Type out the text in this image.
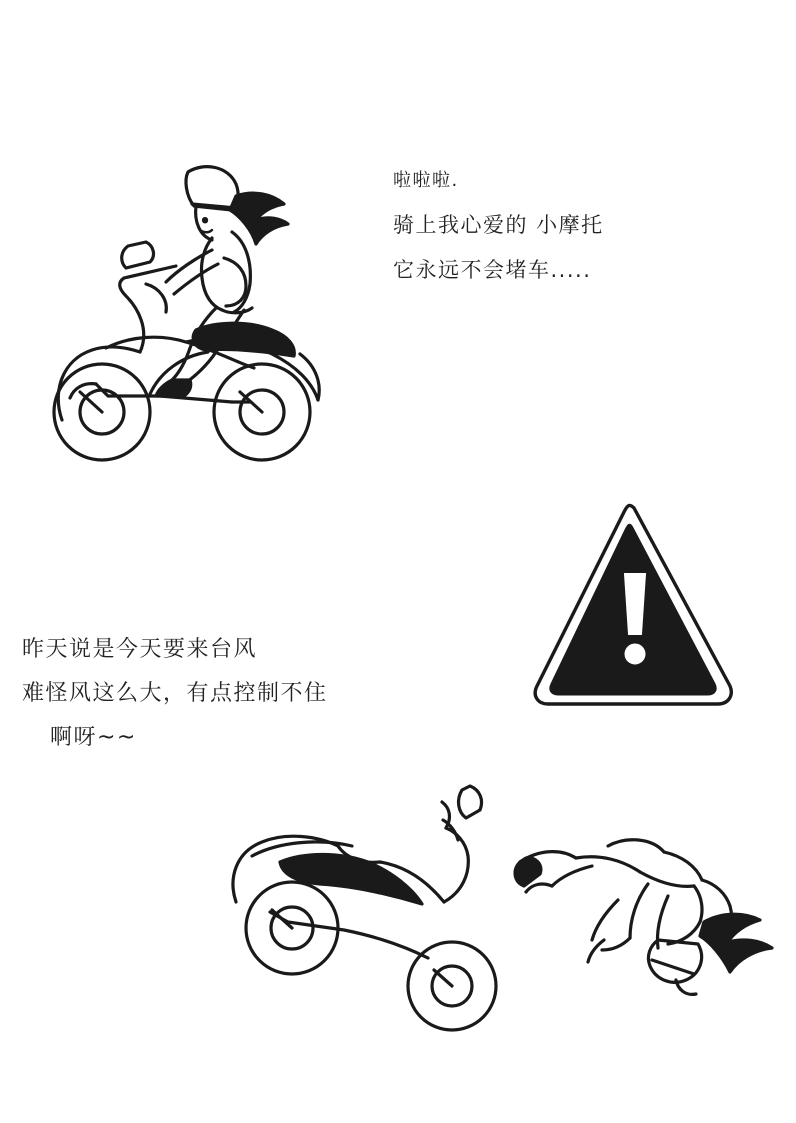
啦啦啦.
骑上我心爱的 小摩托
它永远不会堵车.....
昨天说是今天要来台风
难怪风这么大，有点控制不住
啊呀~~
